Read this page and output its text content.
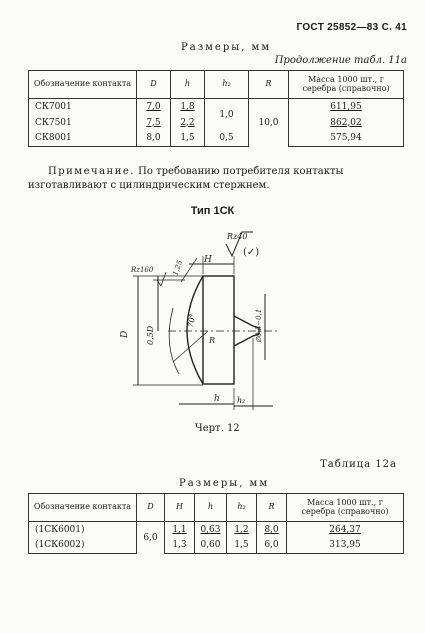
ГОСТ 25852—83 С. 41
Размеры, мм
Продолжение табл. 11а
Обозначение контакта	D	h	h₂	R	Масса 1000 шт., г серебра (справочно)
СК7001	7,0	1,8	1,0	10,0	611,95
СК7501	7,5	2,2			862,02
СК8001	8,0	1,5	0,5		575,94
Примечание. По требованию потребителя контакты изготавливают с цилиндрическим стержнем.
Тип 1СК
Rz40
(✓)
D 0,5D
70°
R
Rz160	1,25 H
∅0,5−0,1
h h₂
Черт. 12
Таблица 12а
Размеры, мм
Обозначение контакта	D	H	h	h₂	R	Масса 1000 шт., г серебра (справочно)
(1СК6001)	6,0	1,1	0,63	1,2	8,0	264,37
(1СК6002)		1,3	0,60	1,5	6,0	313,95
